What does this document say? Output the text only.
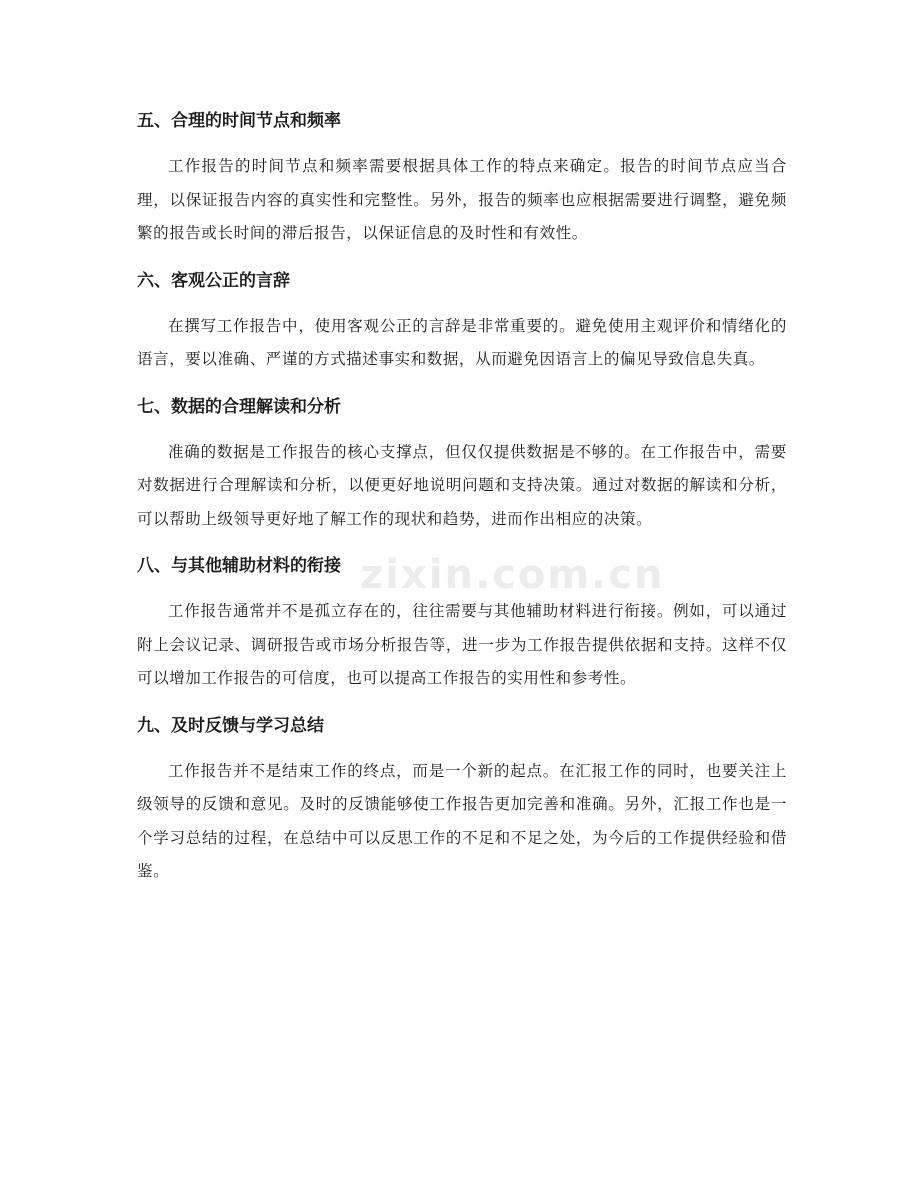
五、合理的时间节点和频率

工作报告的时间节点和频率需要根据具体工作的特点来确定。报告的时间节点应当合理，以保证报告内容的真实性和完整性。另外，报告的频率也应根据需要进行调整，避免频繁的报告或长时间的滞后报告，以保证信息的及时性和有效性。

六、客观公正的言辞

在撰写工作报告中，使用客观公正的言辞是非常重要的。避免使用主观评价和情绪化的语言，要以准确、严谨的方式描述事实和数据，从而避免因语言上的偏见导致信息失真。

七、数据的合理解读和分析

准确的数据是工作报告的核心支撑点，但仅仅提供数据是不够的。在工作报告中，需要对数据进行合理解读和分析，以便更好地说明问题和支持决策。通过对数据的解读和分析，可以帮助上级领导更好地了解工作的现状和趋势，进而作出相应的决策。

八、与其他辅助材料的衔接

工作报告通常并不是孤立存在的，往往需要与其他辅助材料进行衔接。例如，可以通过附上会议记录、调研报告或市场分析报告等，进一步为工作报告提供依据和支持。这样不仅可以增加工作报告的可信度，也可以提高工作报告的实用性和参考性。

九、及时反馈与学习总结

工作报告并不是结束工作的终点，而是一个新的起点。在汇报工作的同时，也要关注上级领导的反馈和意见。及时的反馈能够使工作报告更加完善和准确。另外，汇报工作也是一个学习总结的过程，在总结中可以反思工作的不足和不足之处，为今后的工作提供经验和借鉴。

zixin.com.cn
